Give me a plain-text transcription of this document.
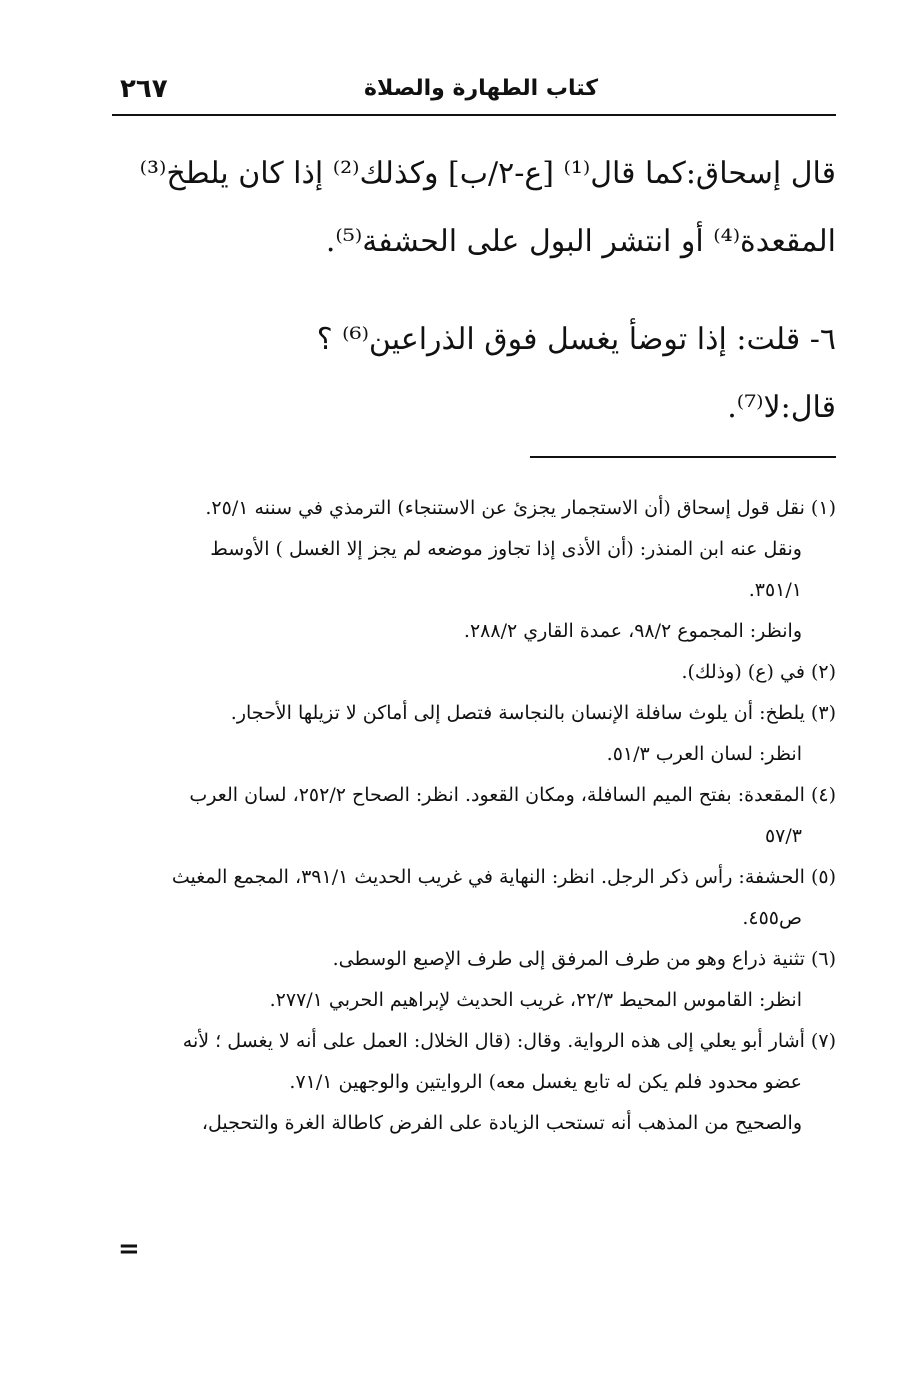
كتاب الطهارة والصلاة
٢٦٧

قال إسحاق:كما قال⁽¹⁾ [ع-٢/ب] وكذلك⁽²⁾ إذا كان يلطخ⁽³⁾

المقعدة⁽⁴⁾ أو انتشر البول على الحشفة⁽⁵⁾.

٦- قلت: إذا توضأ يغسل فوق الذراعين⁽⁶⁾ ؟

قال:لا⁽⁷⁾.

(١) نقل قول إسحاق (أن الاستجمار يجزئ عن الاستنجاء) الترمذي في سننه ٢٥/١.

ونقل عنه ابن المنذر: (أن الأذى إذا تجاوز موضعه لم يجز إلا الغسل ) الأوسط

٣٥١/١.

وانظر: المجموع ٩٨/٢، عمدة القاري ٢٨٨/٢.

(٢) في (ع) (وذلك).

(٣) يلطخ: أن يلوث سافلة الإنسان بالنجاسة فتصل إلى أماكن لا تزيلها الأحجار.

انظر: لسان العرب ٥١/٣.

(٤) المقعدة: بفتح الميم السافلة، ومكان القعود. انظر: الصحاح ٢٥٢/٢، لسان العرب

٥٧/٣

(٥) الحشفة: رأس ذكر الرجل. انظر: النهاية في غريب الحديث ٣٩١/١، المجمع المغيث

ص٤٥٥.

(٦) تثنية ذراع وهو من طرف المرفق إلى طرف الإصبع الوسطى.

انظر: القاموس المحيط ٢٢/٣، غريب الحديث لإبراهيم الحربي ٢٧٧/١.

(٧) أشار أبو يعلي إلى هذه الرواية. وقال: (قال الخلال: العمل على أنه لا يغسل ؛ لأنه

عضو محدود فلم يكن له تابع يغسل معه) الروايتين والوجهين ٧١/١.

والصحيح من المذهب أنه تستحب الزيادة على الفرض كاطالة الغرة والتحجيل،

=
